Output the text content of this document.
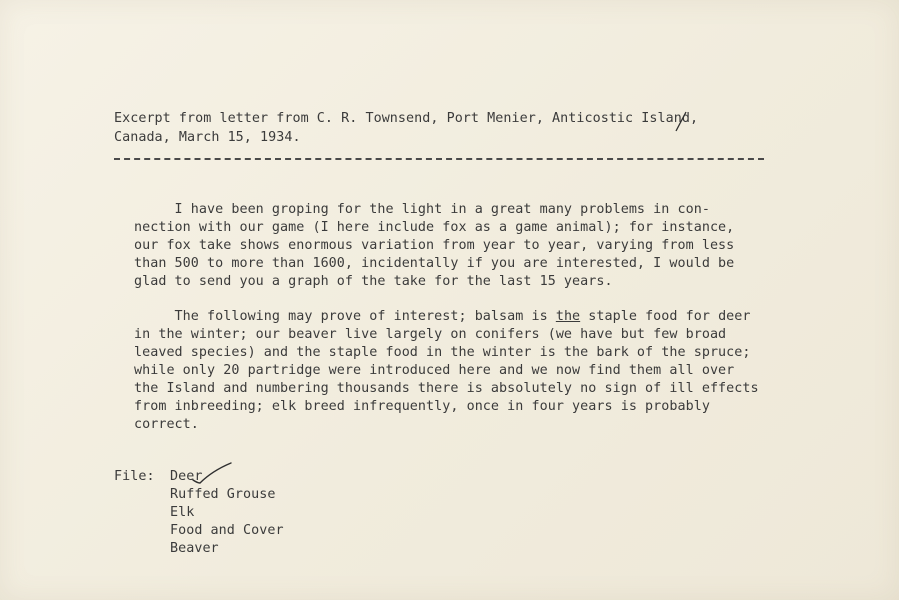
Excerpt from letter from C. R. Townsend, Port Menier, Anticostic Island,
Canada, March 15, 1934.
I have been groping for the light in a great many problems in con-
nection with our game (I here include fox as a game animal); for instance,
our fox take shows enormous variation from year to year, varying from less
than 500 to more than 1600, incidentally if you are interested, I would be
glad to send you a graph of the take for the last 15 years.
The following may prove of interest; balsam is the staple food for deer
in the winter; our beaver live largely on conifers (we have but few broad
leaved species) and the staple food in the winter is the bark of the spruce;
while only 20 partridge were introduced here and we now find them all over
the Island and numbering thousands there is absolutely no sign of ill effects
from inbreeding; elk breed infrequently, once in four years is probably
correct.
File: Deer
Ruffed Grouse
Elk
Food and Cover
Beaver
